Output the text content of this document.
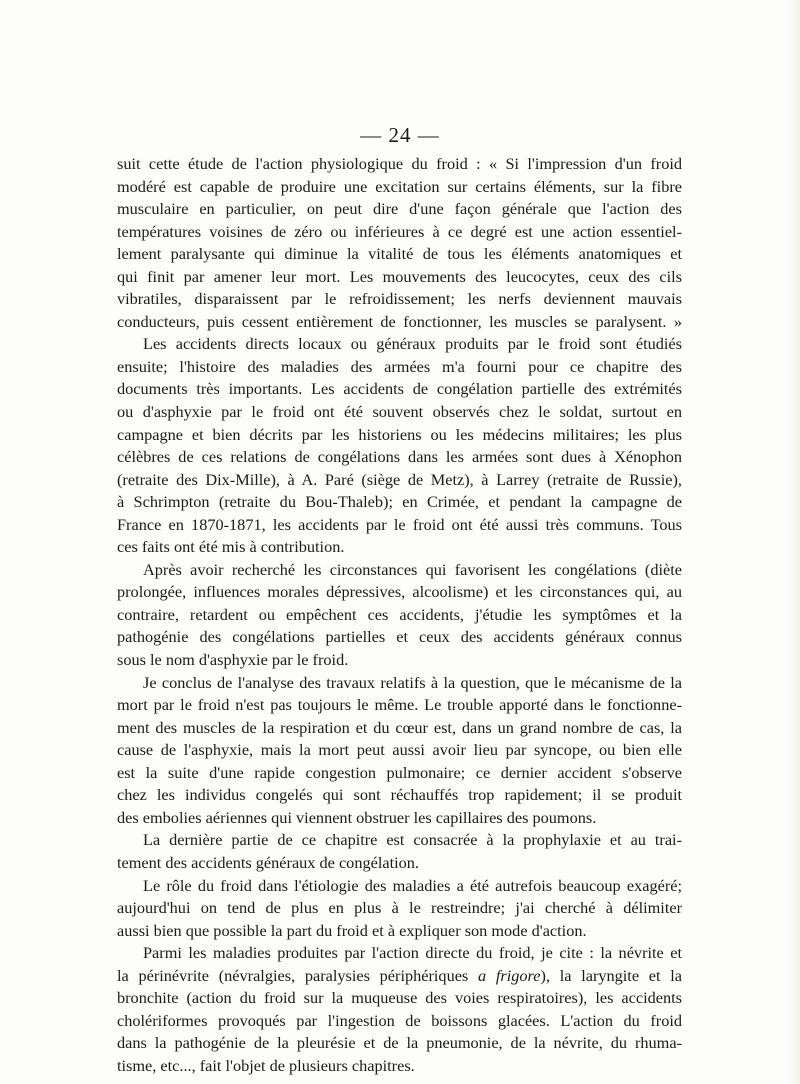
— 24 —
suit cette étude de l'action physiologique du froid : « Si l'impression d'un froid
modéré est capable de produire une excitation sur certains éléments, sur la fibre
musculaire en particulier, on peut dire d'une façon générale que l'action des
températures voisines de zéro ou inférieures à ce degré est une action essentiel-
lement paralysante qui diminue la vitalité de tous les éléments anatomiques et
qui finit par amener leur mort. Les mouvements des leucocytes, ceux des cils
vibratiles, disparaissent par le refroidissement; les nerfs deviennent mauvais
conducteurs, puis cessent entièrement de fonctionner, les muscles se paralysent. »
Les accidents directs locaux ou généraux produits par le froid sont étudiés
ensuite; l'histoire des maladies des armées m'a fourni pour ce chapitre des
documents très importants. Les accidents de congélation partielle des extrémités
ou d'asphyxie par le froid ont été souvent observés chez le soldat, surtout en
campagne et bien décrits par les historiens ou les médecins militaires; les plus
célèbres de ces relations de congélations dans les armées sont dues à Xénophon
(retraite des Dix-Mille), à A. Paré (siège de Metz), à Larrey (retraite de Russie),
à Schrimpton (retraite du Bou-Thaleb); en Crimée, et pendant la campagne de
France en 1870-1871, les accidents par le froid ont été aussi très communs. Tous
ces faits ont été mis à contribution.
Après avoir recherché les circonstances qui favorisent les congélations (diète
prolongée, influences morales dépressives, alcoolisme) et les circonstances qui, au
contraire, retardent ou empêchent ces accidents, j'étudie les symptômes et la
pathogénie des congélations partielles et ceux des accidents généraux connus
sous le nom d'asphyxie par le froid.
Je conclus de l'analyse des travaux relatifs à la question, que le mécanisme de la
mort par le froid n'est pas toujours le même. Le trouble apporté dans le fonctionne-
ment des muscles de la respiration et du cœur est, dans un grand nombre de cas, la
cause de l'asphyxie, mais la mort peut aussi avoir lieu par syncope, ou bien elle
est la suite d'une rapide congestion pulmonaire; ce dernier accident s'observe
chez les individus congelés qui sont réchauffés trop rapidement; il se produit
des embolies aériennes qui viennent obstruer les capillaires des poumons.
La dernière partie de ce chapitre est consacrée à la prophylaxie et au trai-
tement des accidents généraux de congélation.
Le rôle du froid dans l'étiologie des maladies a été autrefois beaucoup exagéré;
aujourd'hui on tend de plus en plus à le restreindre; j'ai cherché à délimiter
aussi bien que possible la part du froid et à expliquer son mode d'action.
Parmi les maladies produites par l'action directe du froid, je cite : la névrite et
la périnévrite (névralgies, paralysies périphériques a frigore), la laryngite et la
bronchite (action du froid sur la muqueuse des voies respiratoires), les accidents
cholériformes provoqués par l'ingestion de boissons glacées. L'action du froid
dans la pathogénie de la pleurésie et de la pneumonie, de la névrite, du rhuma-
tisme, etc..., fait l'objet de plusieurs chapitres.
